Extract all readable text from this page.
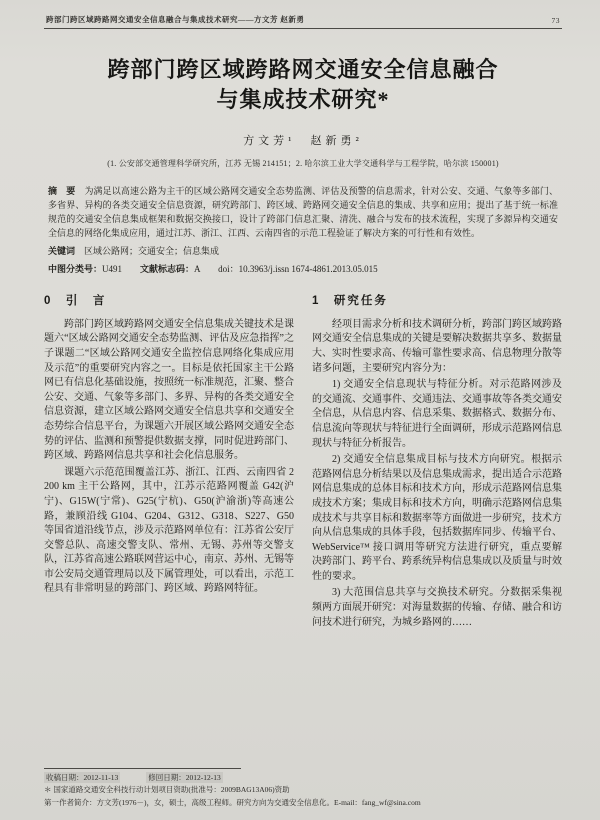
跨部门跨区域跨路网交通安全信息融合与集成技术研究——方文芳 赵新勇	73
跨部门跨区域跨路网交通安全信息融合
与集成技术研究*
方文芳¹　赵新勇²
(1. 公安部交通管理科学研究所，江苏 无锡 214151；2. 哈尔滨工业大学交通科学与工程学院，哈尔滨 150001)

摘　要　 为满足以高速公路为主干的区域公路网交通安全态势监测、评估及预警的信息需求，针对公安、交通、气象等多部门、多省界、异构的各类交通安全信息资源，研究跨部门、跨区域、跨路网交通安全信息的集成、共享和应用；提出了基于统一标准规范的交通安全信息集成框架和数据交换接口，设计了跨部门信息汇聚、清洗、融合与发布的技术流程，实现了多源异构交通安全信息的网络化集成应用，通过江苏、浙江、江西、云南四省的示范工程验证了解决方案的可行性和有效性。

关键词　 区域公路网；交通安全；信息集成

中图分类号：U491　　 文献标志码：A　　 doi：10.3963/j.issn 1674-4861.2013.05.015

0　引　言

跨部门跨区域跨路网交通安全信息集成关键技术是课题六“区域公路网交通安全态势监测、评估及应急指挥”之子课题二“区域公路网交通安全监控信息网络化集成应用及示范”的重要研究内容之一。目标是依托国家主干公路网已有信息化基础设施，按照统一标准规范，汇聚、整合公安、交通、气象等多部门、多界、异构的各类交通安全信息资源，建立区域公路网交通安全信息共享和交通安全态势综合信息平台，为课题六开展区域公路网交通安全态势的评估、监测和预警提供数据支撑，同时促进跨部门、跨区域、跨路网信息共享和社会化信息服务。

课题六示范范围覆盖江苏、浙江、江西、云南四省 2 200 km 主干公路网，其中，江苏示范路网覆盖 G42(沪宁)、G15W(宁常)、G25(宁杭)、G50(沪渝浙)等高速公路，兼顾沿线 G104、G204、G312、G318、S227、G50 等国省道沿线节点，涉及示范路网单位有：江苏省公安厅交警总队、高速交警支队、常州、无锡、苏州等交警支队，江苏省高速公路联网营运中心，南京、苏州、无锡等市公安局交通管理局以及下属管理处，可以看出，示范工程具有非常明显的跨部门、跨区域、跨路网特征。

1　研究任务

经项目需求分析和技术调研分析，跨部门跨区域跨路网交通安全信息集成的关键是要解决数据共享多、数据量大、实时性要求高、传输可靠性要求高、信息物理分散等诸多问题，主要研究内容分为：

1) 交通安全信息现状与特征分析。对示范路网涉及的交通流、交通事件、交通违法、交通事故等各类交通安全信息，从信息内容、信息采集、数据格式、数据分布、信息流向等现状与特征进行全面调研，形成示范路网信息现状与特征分析报告。

2) 交通安全信息集成目标与技术方向研究。根据示范路网信息分析结果以及信息集成需求，提出适合示范路网信息集成的总体目标和技术方向，形成示范路网信息集成技术方案；集成目标和技术方向，明确示范路网信息集成技术与共享目标和数据率等方面做进一步研究，技术方向从信息集成的具体手段，包括数据库同步、传输平台、WebService™ 接口调用等研究方法进行研究，重点要解决跨部门、跨平台、跨系统异构信息集成以及质量与时效性的要求。

3) 大范围信息共享与交换技术研究。分数据采集视频两方面展开研究：对海量数据的传输、存储、融合和访问技术进行研究，为城乡路网的……

收稿日期：2012-11-13	修回日期：2012-12-13
＊ 国家道路交通安全科技行动计划项目资助(批准号：2009BAG13A06)资助
第一作者简介：方文芳(1976－)，女，硕士，高级工程师。研究方向为交通安全信息化。E-mail：fang_wf@sina.com
